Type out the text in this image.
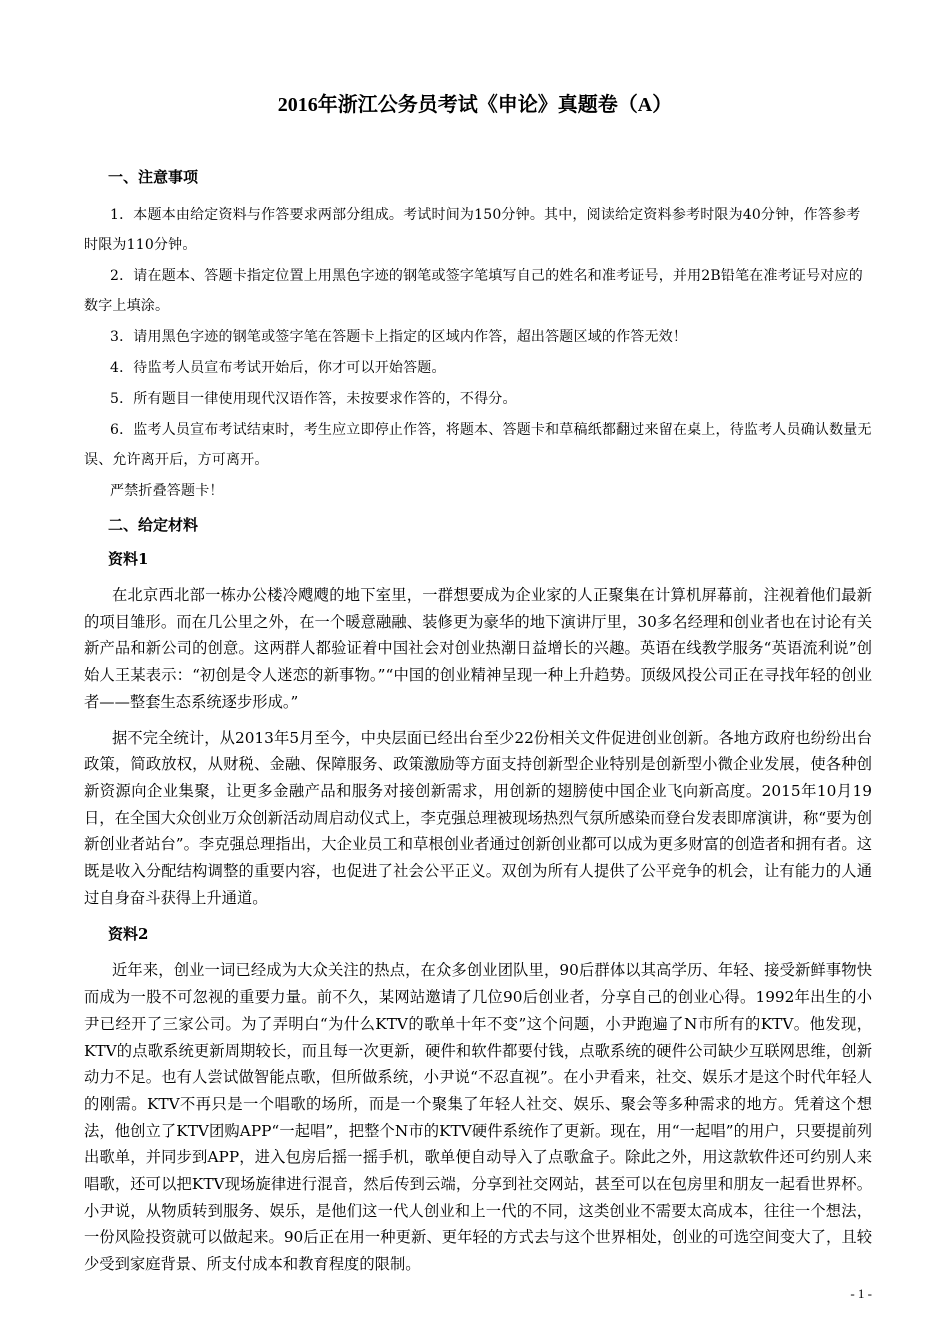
2016年浙江公务员考试《申论》真题卷（A）
一、注意事项

1．本题本由给定资料与作答要求两部分组成。考试时间为150分钟。其中，阅读给定资料参考时限为40分钟，作答参考时限为110分钟。

2．请在题本、答题卡指定位置上用黑色字迹的钢笔或签字笔填写自己的姓名和准考证号，并用2B铅笔在准考证号对应的数字上填涂。

3．请用黑色字迹的钢笔或签字笔在答题卡上指定的区域内作答，超出答题区域的作答无效！

4．待监考人员宣布考试开始后，你才可以开始答题。

5．所有题目一律使用现代汉语作答，未按要求作答的，不得分。

6．监考人员宣布考试结束时，考生应立即停止作答，将题本、答题卡和草稿纸都翻过来留在桌上，待监考人员确认数量无误、允许离开后，方可离开。

严禁折叠答题卡！

二、给定材料
资料1

在北京西北部一栋办公楼冷飕飕的地下室里，一群想要成为企业家的人正聚集在计算机屏幕前，注视着他们最新的项目雏形。而在几公里之外，在一个暖意融融、装修更为豪华的地下演讲厅里，30多名经理和创业者也在讨论有关新产品和新公司的创意。这两群人都验证着中国社会对创业热潮日益增长的兴趣。英语在线教学服务“英语流利说”创始人王某表示：“初创是令人迷恋的新事物。”“中国的创业精神呈现一种上升趋势。顶级风投公司正在寻找年轻的创业者——整套生态系统逐步形成。”

据不完全统计，从2013年5月至今，中央层面已经出台至少22份相关文件促进创业创新。各地方政府也纷纷出台政策，简政放权，从财税、金融、保障服务、政策激励等方面支持创新型企业特别是创新型小微企业发展，使各种创新资源向企业集聚，让更多金融产品和服务对接创新需求，用创新的翅膀使中国企业飞向新高度。2015年10月19日，在全国大众创业万众创新活动周启动仪式上，李克强总理被现场热烈气氛所感染而登台发表即席演讲，称“要为创新创业者站台”。李克强总理指出，大企业员工和草根创业者通过创新创业都可以成为更多财富的创造者和拥有者。这既是收入分配结构调整的重要内容，也促进了社会公平正义。双创为所有人提供了公平竞争的机会，让有能力的人通过自身奋斗获得上升通道。

资料2

近年来，创业一词已经成为大众关注的热点，在众多创业团队里，90后群体以其高学历、年轻、接受新鲜事物快而成为一股不可忽视的重要力量。前不久，某网站邀请了几位90后创业者，分享自己的创业心得。1992年出生的小尹已经开了三家公司。为了弄明白“为什么KTV的歌单十年不变”这个问题，小尹跑遍了N市所有的KTV。他发现，KTV的点歌系统更新周期较长，而且每一次更新，硬件和软件都要付钱，点歌系统的硬件公司缺少互联网思维，创新动力不足。也有人尝试做智能点歌，但所做系统，小尹说“不忍直视”。在小尹看来，社交、娱乐才是这个时代年轻人的刚需。KTV不再只是一个唱歌的场所，而是一个聚集了年轻人社交、娱乐、聚会等多种需求的地方。凭着这个想法，他创立了KTV团购APP“一起唱”，把整个N市的KTV硬件系统作了更新。现在，用“一起唱”的用户，只要提前列出歌单，并同步到APP，进入包房后摇一摇手机，歌单便自动导入了点歌盒子。除此之外，用这款软件还可约别人来唱歌，还可以把KTV现场旋律进行混音，然后传到云端，分享到社交网站，甚至可以在包房里和朋友一起看世界杯。小尹说，从物质转到服务、娱乐，是他们这一代人创业和上一代的不同，这类创业不需要太高成本，往往一个想法，一份风险投资就可以做起来。90后正在用一种更新、更年轻的方式去与这个世界相处，创业的可选空间变大了，且较少受到家庭背景、所支付成本和教育程度的限制。

- 1 -
